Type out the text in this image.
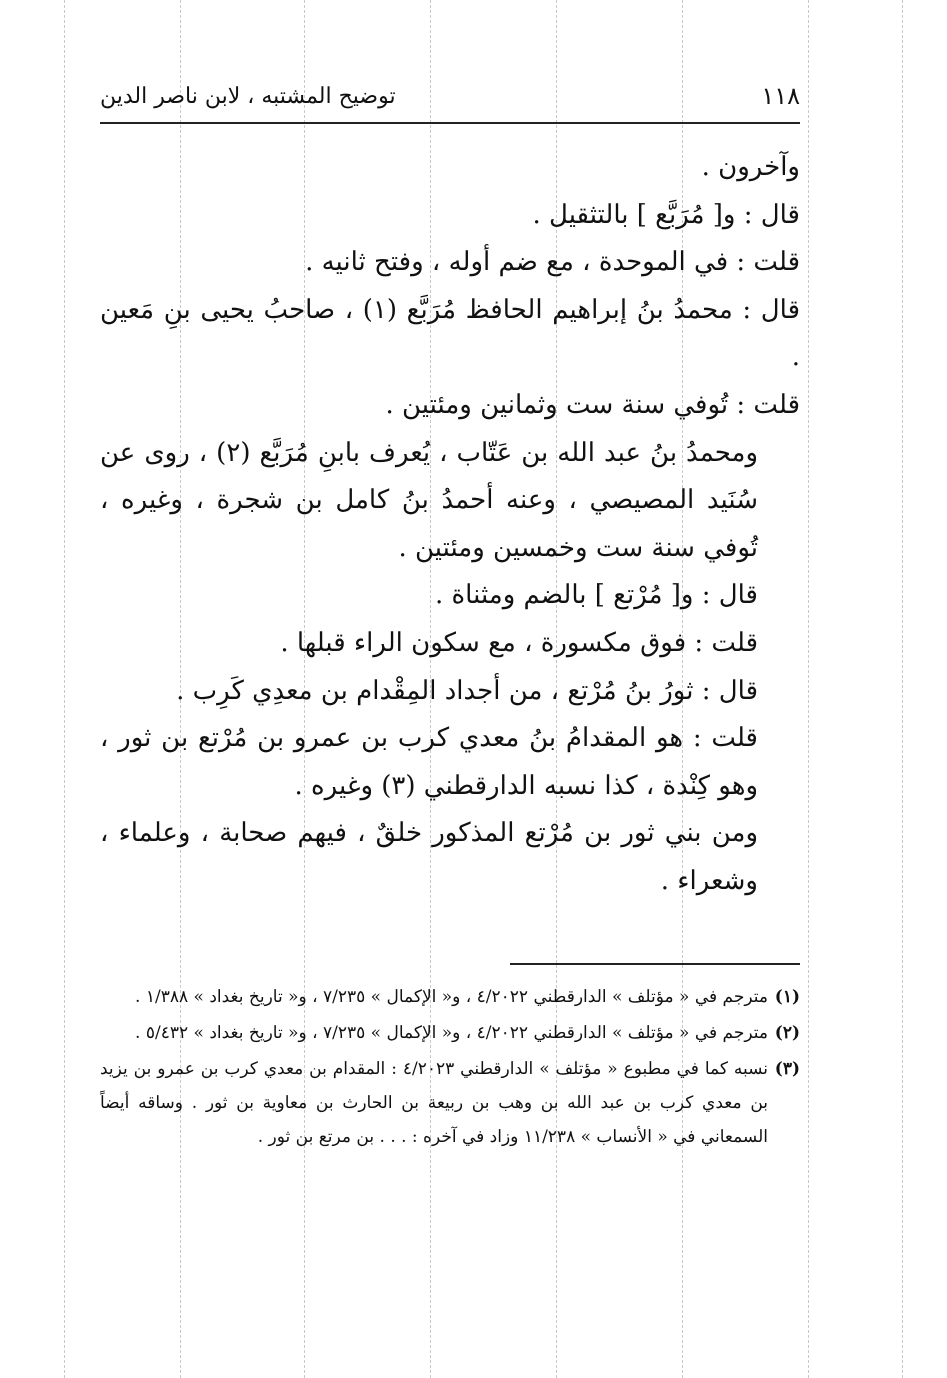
١١٨
توضيح المشتبه ، لابن ناصر الدين

وآخرون .

قال : و[ مُرَبَّع ] بالتثقيل .

قلت : في الموحدة ، مع ضم أوله ، وفتح ثانيه .

قال : محمدُ بنُ إبراهيم الحافظ مُرَبَّع (١) ، صاحبُ يحيى بنِ مَعين .

قلت : تُوفي سنة ست وثمانين ومئتين .

ومحمدُ بنُ عبد الله بن عَتّاب ، يُعرف بابنِ مُرَبَّع (٢) ، روى عن سُنَيد المصيصي ، وعنه أحمدُ بنُ كامل بن شجرة ، وغيره ، تُوفي سنة ست وخمسين ومئتين .

قال : و[ مُرْتع ] بالضم ومثناة .

قلت : فوق مكسورة ، مع سكون الراء قبلها .

قال : ثورُ بنُ مُرْتع ، من أجداد المِقْدام بن معدِي كَرِب .

قلت : هو المقدامُ بنُ معدي كرب بن عمرو بن مُرْتع بن ثور ، وهو كِنْدة ، كذا نسبه الدارقطني (٣) وغيره .

ومن بني ثور بن مُرْتع المذكور خلقٌ ، فيهم صحابة ، وعلماء ، وشعراء .

(١)
مترجم في « مؤتلف » الدارقطني ٤/٢٠٢٢ ، و« الإكمال » ٧/٢٣٥ ، و« تاريخ بغداد » ١/٣٨٨ .
(٢)
مترجم في « مؤتلف » الدارقطني ٤/٢٠٢٢ ، و« الإكمال » ٧/٢٣٥ ، و« تاريخ بغداد » ٥/٤٣٢ .
(٣)
نسبه كما في مطبوع « مؤتلف » الدارقطني ٤/٢٠٢٣ : المقدام بن معدي كرب بن عمرو بن يزيد بن معدي كرب بن عبد الله بن وهب بن ربيعة بن الحارث بن معاوية بن ثور . وساقه أيضاً السمعاني في « الأنساب » ١١/٢٣٨ وزاد في آخره : . . . بن مرتع بن ثور .
